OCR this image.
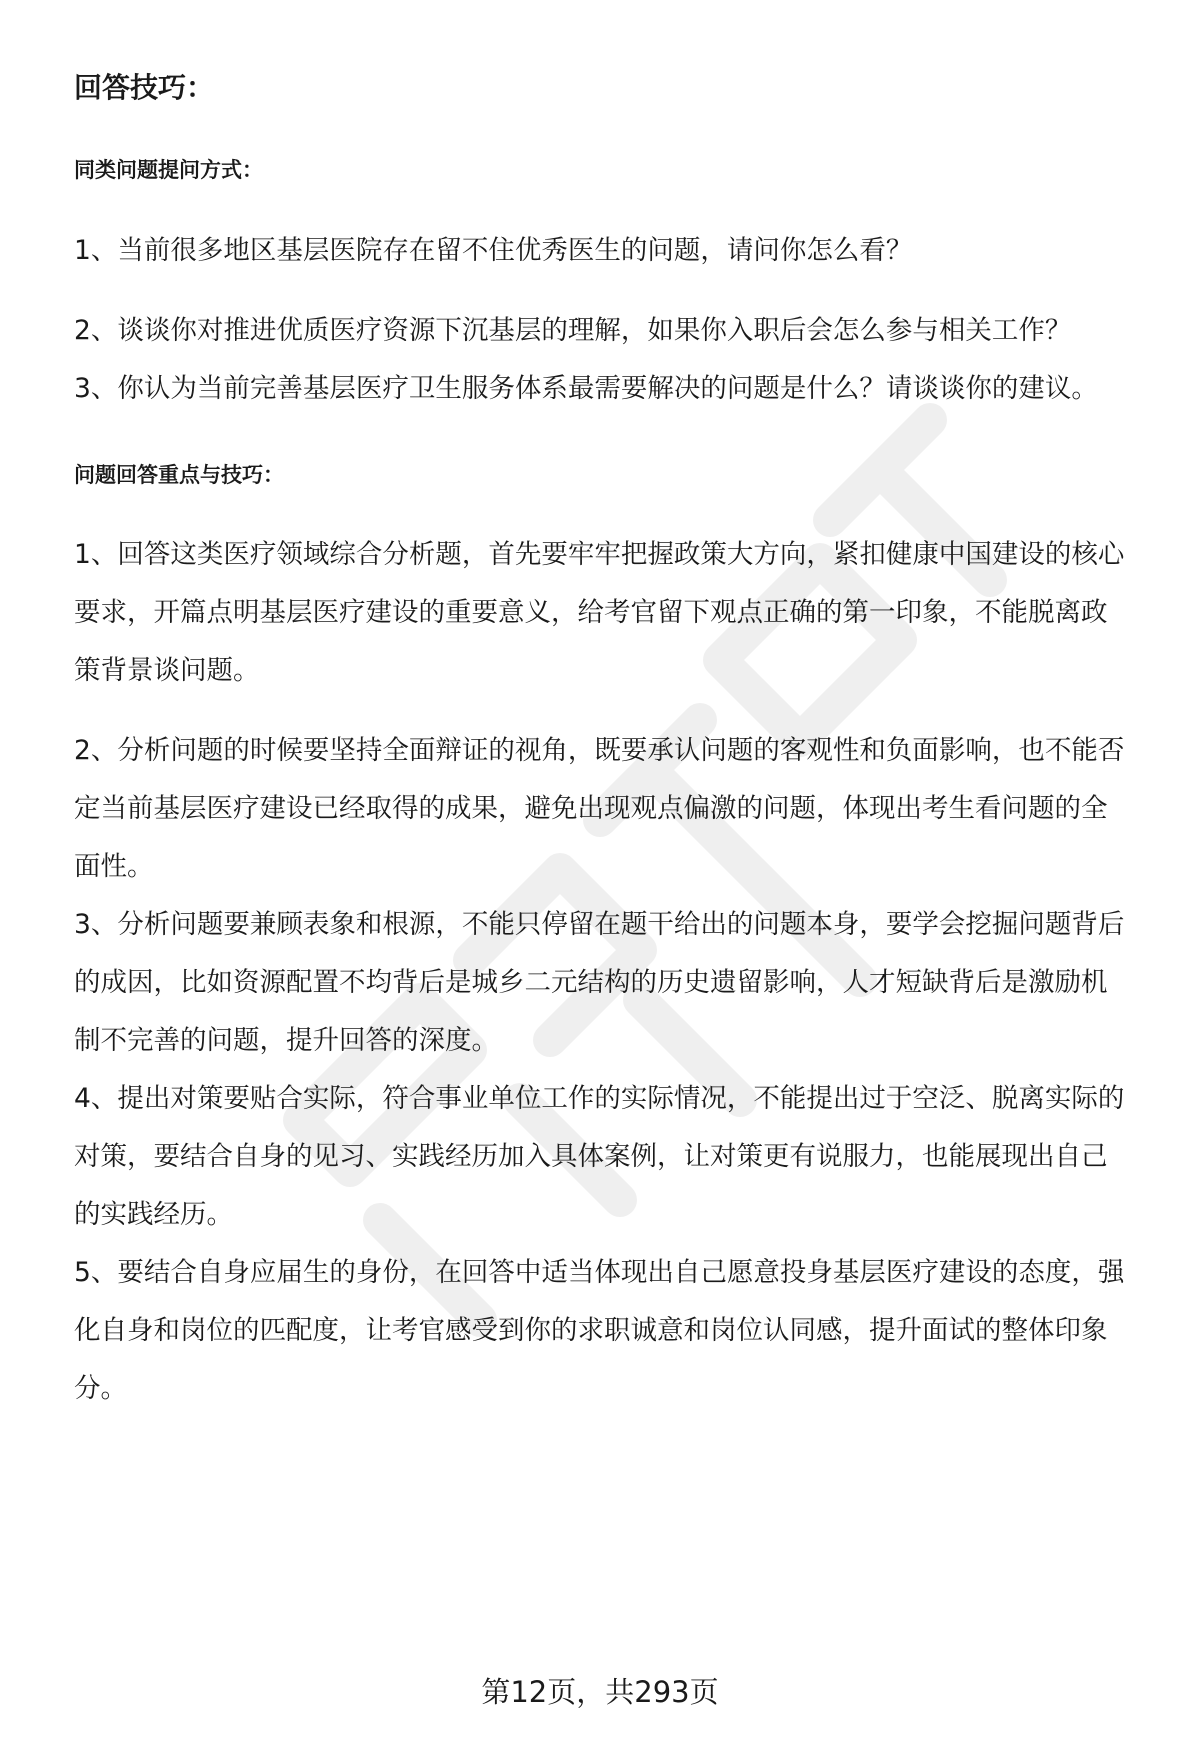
回答技巧：
同类问题提问方式：

1、当前很多地区基层医院存在留不住优秀医生的问题，请问你怎么看？

2、谈谈你对推进优质医疗资源下沉基层的理解，如果你入职后会怎么参与相关工作？

3、你认为当前完善基层医疗卫生服务体系最需要解决的问题是什么？请谈谈你的建议。

问题回答重点与技巧：

1、回答这类医疗领域综合分析题，首先要牢牢把握政策大方向，紧扣健康中国建设的核心要求，开篇点明基层医疗建设的重要意义，给考官留下观点正确的第一印象，不能脱离政策背景谈问题。

2、分析问题的时候要坚持全面辩证的视角，既要承认问题的客观性和负面影响，也不能否定当前基层医疗建设已经取得的成果，避免出现观点偏激的问题，体现出考生看问题的全面性。

3、分析问题要兼顾表象和根源，不能只停留在题干给出的问题本身，要学会挖掘问题背后的成因，比如资源配置不均背后是城乡二元结构的历史遗留影响，人才短缺背后是激励机制不完善的问题，提升回答的深度。

4、提出对策要贴合实际，符合事业单位工作的实际情况，不能提出过于空泛、脱离实际的对策，要结合自身的见习、实践经历加入具体案例，让对策更有说服力，也能展现出自己的实践经历。

5、要结合自身应届生的身份，在回答中适当体现出自己愿意投身基层医疗建设的态度，强化自身和岗位的匹配度，让考官感受到你的求职诚意和岗位认同感，提升面试的整体印象分。

第12页，共293页
